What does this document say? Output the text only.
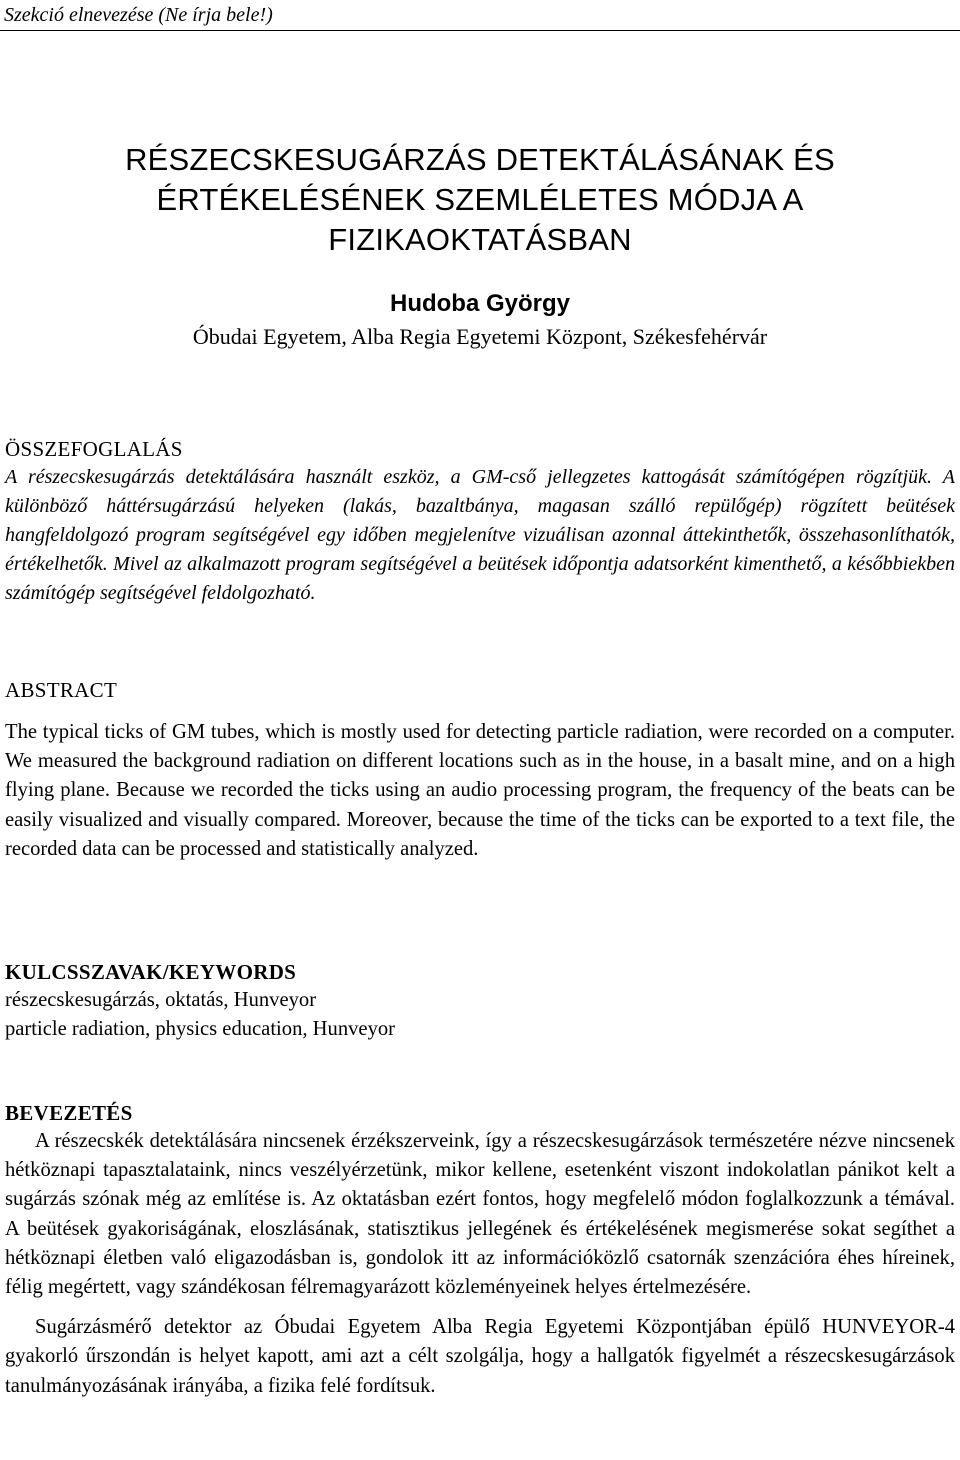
Szekció elnevezése (Ne írja bele!)
RÉSZECSKESUGÁRZÁS DETEKTÁLÁSÁNAK ÉS
ÉRTÉKELÉSÉNEK SZEMLÉLETES MÓDJA A
FIZIKAOKTATÁSBAN
Hudoba György
Óbudai Egyetem, Alba Regia Egyetemi Központ, Székesfehérvár
ÖSSZEFOGLALÁS
A részecskesugárzás detektálására használt eszköz, a GM-cső jellegzetes kattogását számítógépen rögzítjük. A különböző háttérsugárzású helyeken (lakás, bazaltbánya, magasan szálló repülőgép) rögzített beütések hangfeldolgozó program segítségével egy időben megjelenítve vizuálisan azonnal áttekinthetők, összehasonlíthatók, értékelhetők. Mivel az alkalmazott program segítségével a beütések időpontja adatsorként kimenthető, a későbbiekben számítógép segítségével feldolgozható.
ABSTRACT
The typical ticks of GM tubes, which is mostly used for detecting particle radiation, were recorded on a computer. We measured the background radiation on different locations such as in the house, in a basalt mine, and on a high flying plane. Because we recorded the ticks using an audio processing program, the frequency of the beats can be easily visualized and visually compared. Moreover, because the time of the ticks can be exported to a text file, the recorded data can be processed and statistically analyzed.
KULCSSZAVAK/KEYWORDS
részecskesugárzás, oktatás, Hunveyor
particle radiation, physics education, Hunveyor
BEVEZETÉS
A részecskék detektálására nincsenek érzékszerveink, így a részecskesugárzások természetére nézve nincsenek hétköznapi tapasztalataink, nincs veszélyérzetünk, mikor kellene, esetenként viszont indokolatlan pánikot kelt a sugárzás szónak még az említése is. Az oktatásban ezért fontos, hogy megfelelő módon foglalkozzunk a témával. A beütések gyakoriságának, eloszlásának, statisztikus jellegének és értékelésének megismerése sokat segíthet a hétköznapi életben való eligazodásban is, gondolok itt az információközlő csatornák szenzációra éhes híreinek, félig megértett, vagy szándékosan félremagyarázott közleményeinek helyes értelmezésére.
Sugárzásmérő detektor az Óbudai Egyetem Alba Regia Egyetemi Központjában épülő HUNVEYOR-4 gyakorló űrszondán is helyet kapott, ami azt a célt szolgálja, hogy a hallgatók figyelmét a részecskesugárzások tanulmányozásának irányába, a fizika felé fordítsuk.
